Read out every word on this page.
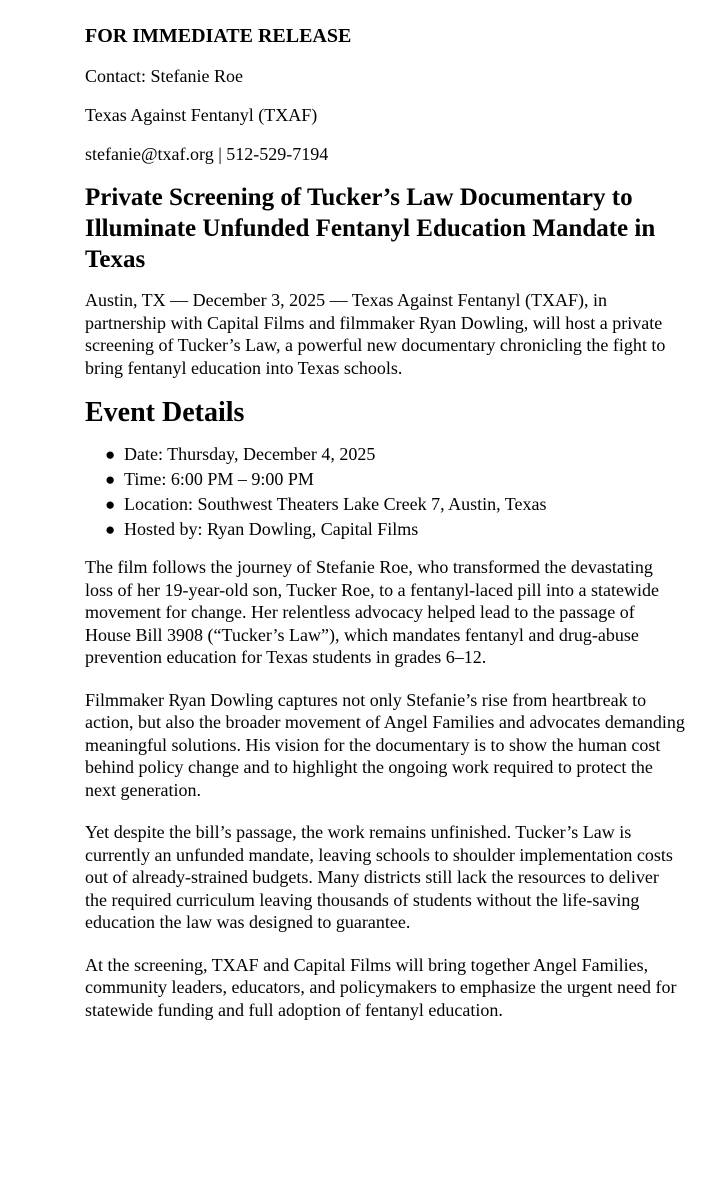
FOR IMMEDIATE RELEASE

Contact: Stefanie Roe

Texas Against Fentanyl (TXAF)

stefanie@txaf.org | 512-529-7194

Private Screening of Tucker’s Law Documentary to Illuminate Unfunded Fentanyl Education Mandate in Texas

Austin, TX — December 3, 2025 — Texas Against Fentanyl (TXAF), in partnership with Capital Films and filmmaker Ryan Dowling, will host a private screening of Tucker’s Law, a powerful new documentary chronicling the fight to bring fentanyl education into Texas schools.

Event Details
● Date: Thursday, December 4, 2025
● Time: 6:00 PM – 9:00 PM
● Location: Southwest Theaters Lake Creek 7, Austin, Texas
● Hosted by: Ryan Dowling, Capital Films

The film follows the journey of Stefanie Roe, who transformed the devastating loss of her 19-year-old son, Tucker Roe, to a fentanyl-laced pill into a statewide movement for change. Her relentless advocacy helped lead to the passage of House Bill 3908 (“Tucker’s Law”), which mandates fentanyl and drug-abuse prevention education for Texas students in grades 6–12.

Filmmaker Ryan Dowling captures not only Stefanie’s rise from heartbreak to action, but also the broader movement of Angel Families and advocates demanding meaningful solutions. His vision for the documentary is to show the human cost behind policy change and to highlight the ongoing work required to protect the next generation.

Yet despite the bill’s passage, the work remains unfinished. Tucker’s Law is currently an unfunded mandate, leaving schools to shoulder implementation costs out of already-strained budgets. Many districts still lack the resources to deliver the required curriculum leaving thousands of students without the life-saving education the law was designed to guarantee.

At the screening, TXAF and Capital Films will bring together Angel Families, community leaders, educators, and policymakers to emphasize the urgent need for statewide funding and full adoption of fentanyl education.
